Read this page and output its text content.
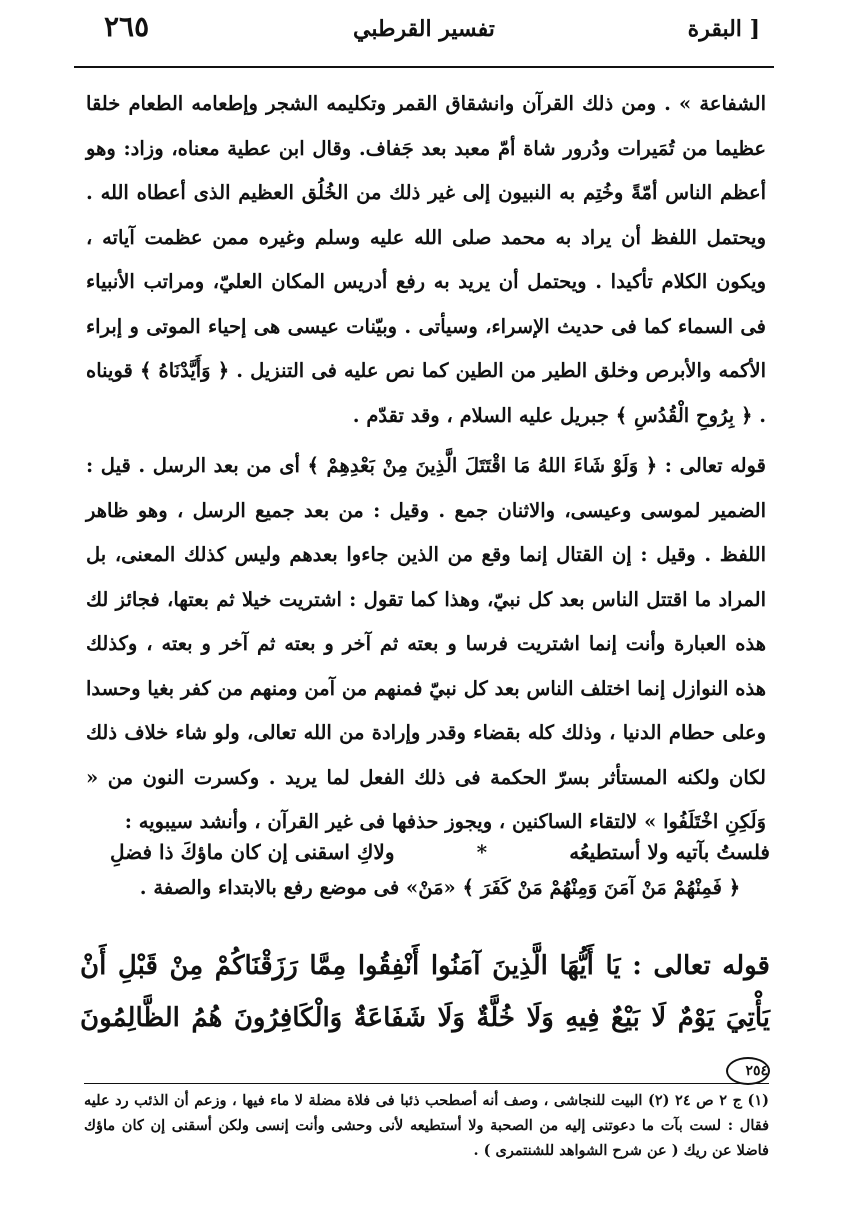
٢٦٥	تفسير القرطبي	البقرة ]

الشفاعة » . ومن ذلك القرآن وانشقاق القمر وتكليمه الشجر وإطعامه الطعام خلقا عظيما من تُمَيرات ودُرور شاة أمّ معبد بعد جَفاف. وقال ابن عطية معناه، وزاد: وهو أعظم الناس أمّةً وخُتِم به النبيون إلى غير ذلك من الخُلُق العظيم الذى أعطاه الله . ويحتمل اللفظ أن يراد به محمد صلى الله عليه وسلم وغيره ممن عظمت آياته ، ويكون الكلام تأكيدا . ويحتمل أن يريد به رفع أدريس المكان العليّ، ومراتب الأنبياء فى السماء كما فى حديث الإسراء، وسيأتى . وبيّنات عيسى هى إحياء الموتى و إبراء الأكمه والأبرص وخلق الطير من الطين كما نص عليه فى التنزيل . ﴿ وَأَيَّدْنَاهُ ﴾ قويناه . ﴿ بِرُوحِ الْقُدُسِ ﴾ جبريل عليه السلام ، وقد تقدّم .

قوله تعالى : ﴿ وَلَوْ شَاءَ اللهُ مَا اقْتَتَلَ الَّذِينَ مِنْ بَعْدِهِمْ ﴾ أى من بعد الرسل . قيل : الضمير لموسى وعيسى، والاثنان جمع . وقيل : من بعد جميع الرسل ، وهو ظاهر اللفظ . وقيل : إن القتال إنما وقع من الذين جاءوا بعدهم وليس كذلك المعنى، بل المراد ما اقتتل الناس بعد كل نبيّ، وهذا كما تقول : اشتريت خيلا ثم بعتها، فجائز لك هذه العبارة وأنت إنما اشتريت فرسا و بعته ثم آخر و بعته ثم آخر و بعته ، وكذلك هذه النوازل إنما اختلف الناس بعد كل نبيّ فمنهم من آمن ومنهم من كفر بغيا وحسدا وعلى حطام الدنيا ، وذلك كله بقضاء وقدر وإرادة من الله تعالى، ولو شاء خلاف ذلك لكان ولكنه المستأثر بسرّ الحكمة فى ذلك الفعل لما يريد . وكسرت النون من « وَلَكِنِ اخْتَلَفُوا » لالتقاء الساكنين ، ويجوز حذفها فى غير القرآن ، وأنشد سيبويه :

فلستُ بآتيه ولا أستطيعُه
*
ولاكِ اسقنى إن كان ماؤكَ ذا فضلِ
﴿ فَمِنْهُمْ مَنْ آمَنَ وَمِنْهُمْ مَنْ كَفَرَ ﴾ «مَنْ» فى موضع رفع بالابتداء والصفة .
قوله تعالى : يَا أَيُّهَا الَّذِينَ آمَنُوا أَنْفِقُوا مِمَّا رَزَقْنَاكُمْ مِنْ قَبْلِ أَنْ
يَأْتِيَ يَوْمٌ لَا بَيْعٌ فِيهِ وَلَا خُلَّةٌ وَلَا شَفَاعَةٌ وَالْكَافِرُونَ هُمُ الظَّالِمُونَ ٢٥٤

(١) ج ٢ ص ٢٤ (٢) البيت للنجاشى ، وصف أنه أصطحب ذئبا فى فلاة مضلة لا ماء فيها ، وزعم أن الذئب رد عليه فقال : لست بآت ما دعوتنى إليه من الصحبة ولا أستطيعه لأنى وحشى وأنت إنسى ولكن أسقنى إن كان ماؤك فاضلا عن ريك ( عن شرح الشواهد للشنتمرى ) .
